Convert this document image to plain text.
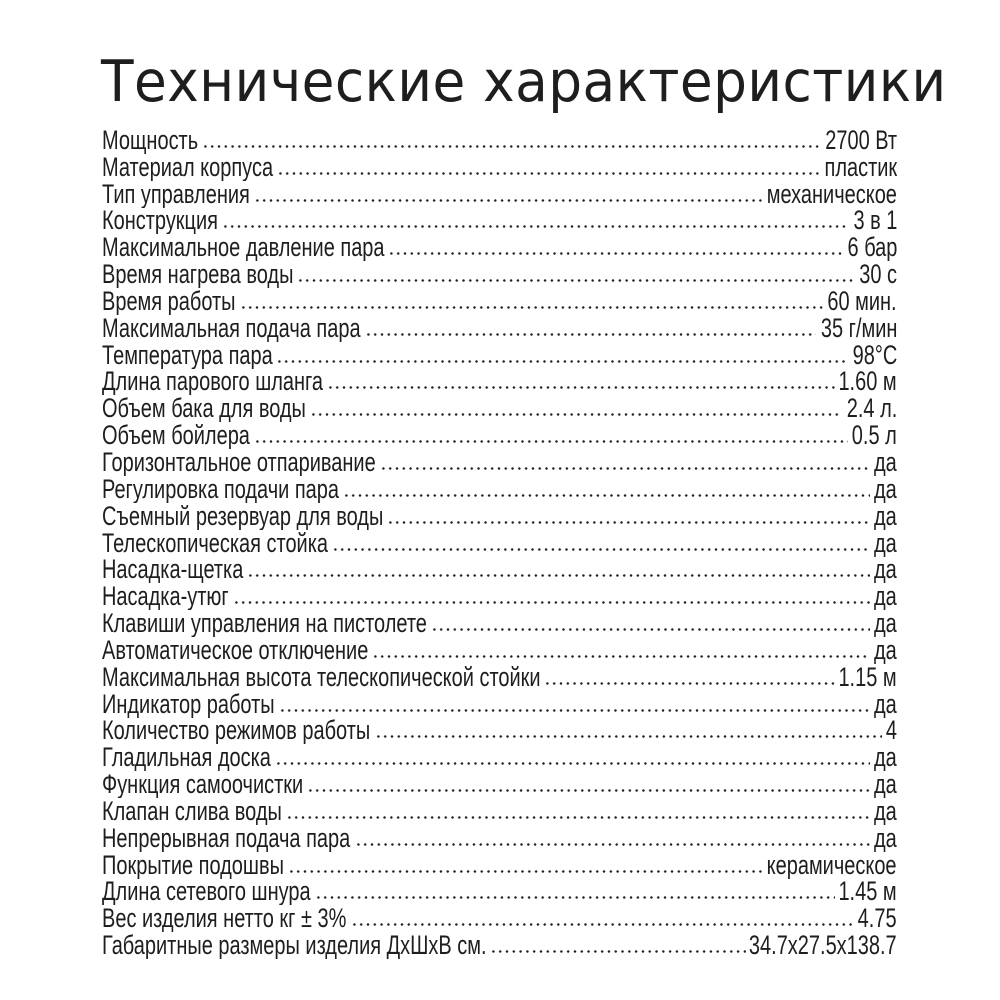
Технические характеристики
Мощность	2700 Вт
Материал корпуса	пластик
Тип управления	механическое
Конструкция	3 в 1
Максимальное давление пара	6 бар
Время нагрева воды	30 с
Время работы	60 мин.
Максимальная подача пара	35 г/мин
Температура пара	98°C
Длина парового шланга	1.60 м
Объем бака для воды	2.4 л.
Объем бойлера	0.5 л
Горизонтальное отпаривание	да
Регулировка подачи пара	да
Съемный резервуар для воды	да
Телескопическая стойка	да
Насадка-щетка	да
Насадка-утюг	да
Клавиши управления на пистолете	да
Автоматическое отключение	да
Максимальная высота телескопической стойки	1.15 м
Индикатор работы	да
Количество режимов работы	4
Гладильная доска	да
Функция самоочистки	да
Клапан слива воды	да
Непрерывная подача пара	да
Покрытие подошвы	керамическое
Длина сетевого шнура	1.45 м
Вес изделия нетто кг ± 3%	4.75
Габаритные размеры изделия ДхШхВ см.	34.7x27.5x138.7
